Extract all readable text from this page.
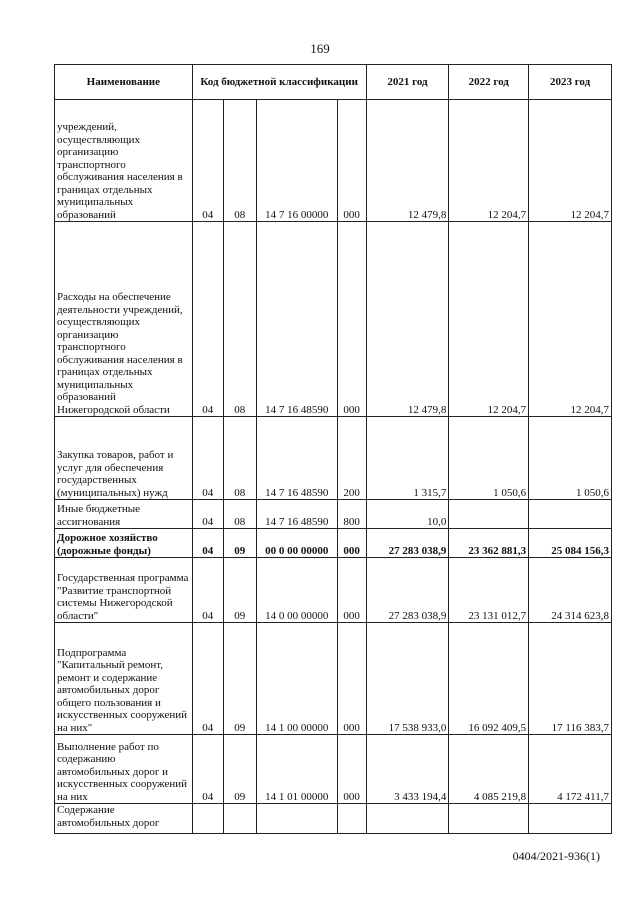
169
Наименование	Код бюджетной классификации				2021 год	2022 год	2023 год
учреждений, осуществляющих организацию транспортного обслуживания населения в границах отдельных муниципальных образований	04	08	14 7 16 00000	000	12 479,8	12 204,7	12 204,7
Расходы на обеспечение деятельности учреждений, осуществляющих организацию транспортного обслуживания населения в границах отдельных муниципальных образований Нижегородской области	04	08	14 7 16 48590	000	12 479,8	12 204,7	12 204,7
Закупка товаров, работ и услуг для обеспечения государственных (муниципальных) нужд	04	08	14 7 16 48590	200	1 315,7	1 050,6	1 050,6
Иные бюджетные ассигнования	04	08	14 7 16 48590	800	10,0		
Дорожное хозяйство (дорожные фонды)	04	09	00 0 00 00000	000	27 283 038,9	23 362 881,3	25 084 156,3
Государственная программа "Развитие транспортной системы Нижегородской области"	04	09	14 0 00 00000	000	27 283 038,9	23 131 012,7	24 314 623,8
Подпрограмма "Капитальный ремонт, ремонт и содержание автомобильных дорог общего пользования и искусственных сооружений на них"	04	09	14 1 00 00000	000	17 538 933,0	16 092 409,5	17 116 383,7
Выполнение работ по содержанию автомобильных дорог и искусственных сооружений на них	04	09	14 1 01 00000	000	3 433 194,4	4 085 219,8	4 172 411,7
Содержание автомобильных дорог							
0404/2021-936(1)
